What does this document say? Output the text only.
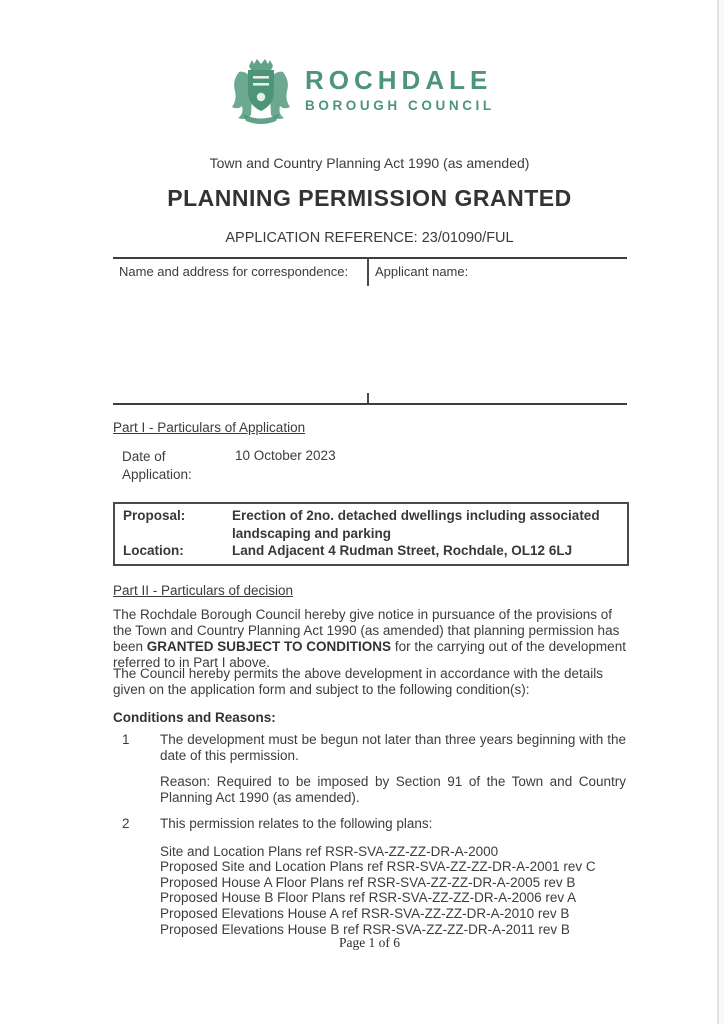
ROCHDALE
BOROUGH COUNCIL
Town and Country Planning Act 1990 (as amended)
PLANNING PERMISSION GRANTED
APPLICATION REFERENCE: 23/01090/FUL
Name and address for correspondence: Applicant name:
Part I - Particulars of Application
Date of Application:
10 October 2023
Proposal:	Erection of 2no. detached dwellings including associated landscaping and parking
Location:	Land Adjacent 4 Rudman Street, Rochdale, OL12 6LJ
Part II - Particulars of decision
The Rochdale Borough Council hereby give notice in pursuance of the provisions of the Town and Country Planning Act 1990 (as amended) that planning permission has been GRANTED SUBJECT TO CONDITIONS for the carrying out of the development referred to in Part I above.
The Council hereby permits the above development in accordance with the details given on the application form and subject to the following condition(s):
Conditions and Reasons:
1	The development must be begun not later than three years beginning with the date of this permission.
Reason: Required to be imposed by Section 91 of the Town and Country Planning Act 1990 (as amended).
2	This permission relates to the following plans:
Site and Location Plans ref RSR-SVA-ZZ-ZZ-DR-A-2000
Proposed Site and Location Plans ref RSR-SVA-ZZ-ZZ-DR-A-2001 rev C
Proposed House A Floor Plans ref RSR-SVA-ZZ-ZZ-DR-A-2005 rev B
Proposed House B Floor Plans ref RSR-SVA-ZZ-ZZ-DR-A-2006 rev A
Proposed Elevations House A ref RSR-SVA-ZZ-ZZ-DR-A-2010 rev B
Proposed Elevations House B ref RSR-SVA-ZZ-ZZ-DR-A-2011 rev B
Page 1 of 6
